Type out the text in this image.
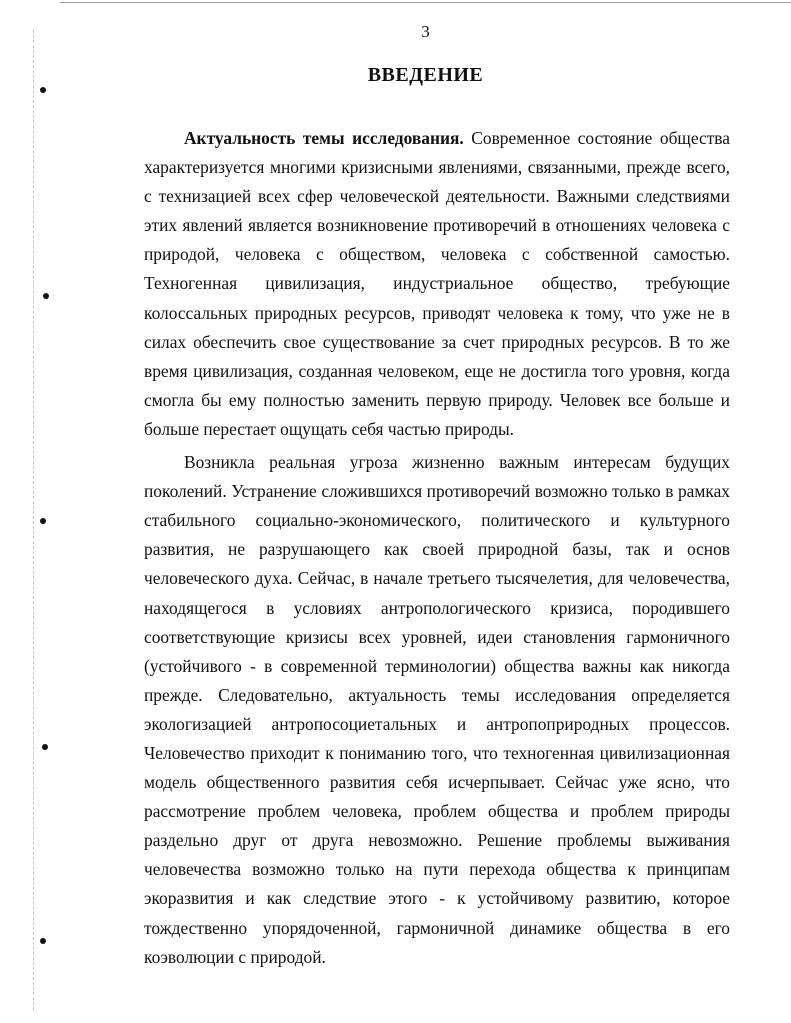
3
ВВЕДЕНИЕ

Актуальность темы исследования. Современное состояние общества характеризуется многими кризисными явлениями, связанными, прежде всего, с технизацией всех сфер человеческой деятельности. Важными следствиями этих явлений является возникновение противоречий в отношениях человека с природой, человека с обществом, человека с собственной самостью. Техногенная цивилизация, индустриальное общество, требующие колоссальных природных ресурсов, приводят человека к тому, что уже не в силах обеспечить свое существование за счет природных ресурсов. В то же время цивилизация, созданная человеком, еще не достигла того уровня, когда смогла бы ему полностью заменить первую природу. Человек все больше и больше перестает ощущать себя частью природы.

Возникла реальная угроза жизненно важным интересам будущих поколений. Устранение сложившихся противоречий возможно только в рамках стабильного социально-экономического, политического и культурного развития, не разрушающего как своей природной базы, так и основ человеческого духа. Сейчас, в начале третьего тысячелетия, для человечества, находящегося в условиях антропологического кризиса, породившего соответствующие кризисы всех уровней, идеи становления гармоничного (устойчивого - в современной терминологии) общества важны как никогда прежде. Следовательно, актуальность темы исследования определяется экологизацией антропосоциетальных и антропоприродных процессов. Человечество приходит к пониманию того, что техногенная цивилизационная модель общественного развития себя исчерпывает. Сейчас уже ясно, что рассмотрение проблем человека, проблем общества и проблем природы раздельно друг от друга невозможно. Решение проблемы выживания человечества возможно только на пути перехода общества к принципам экоразвития и как следствие этого - к устойчивому развитию, которое тождественно упорядоченной, гармоничной динамике общества в его коэволюции с природой.
